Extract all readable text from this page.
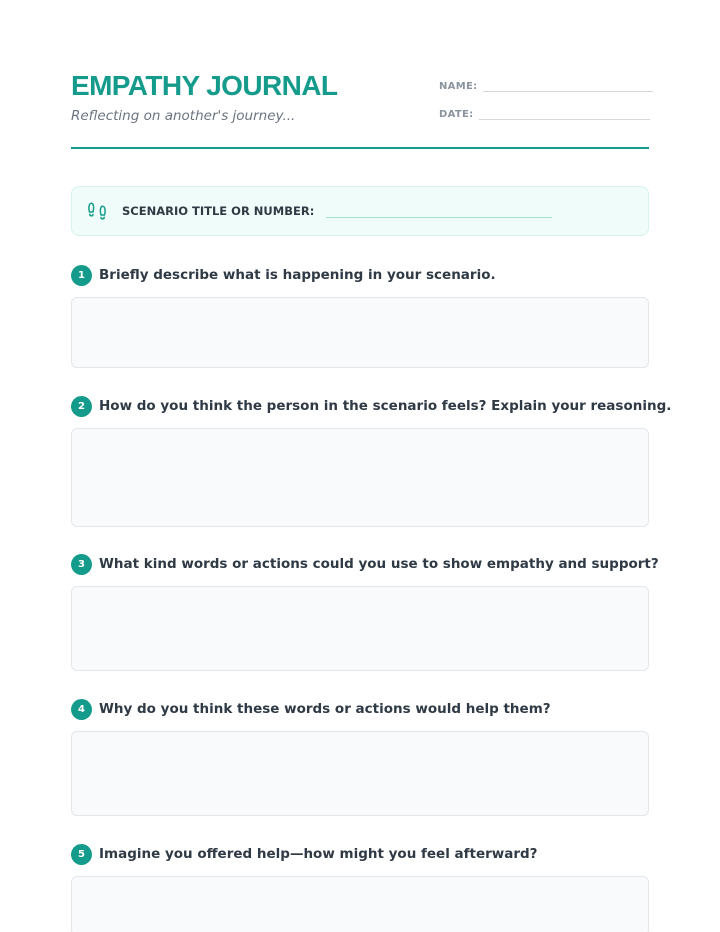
EMPATHY JOURNAL
Reflecting on another's journey...
NAME:
DATE:
SCENARIO TITLE OR NUMBER:
1	Briefly describe what is happening in your scenario.
2	How do you think the person in the scenario feels? Explain your reasoning.
3	What kind words or actions could you use to show empathy and support?
4	Why do you think these words or actions would help them?
5	Imagine you offered help—how might you feel afterward?
